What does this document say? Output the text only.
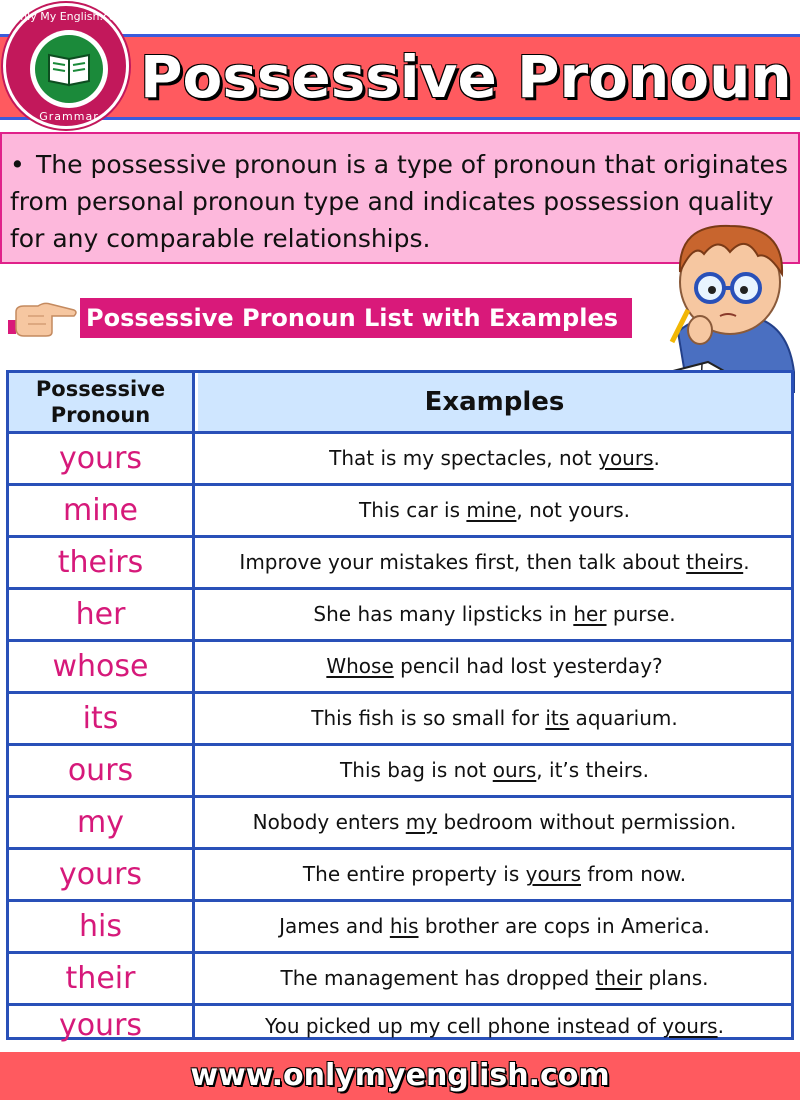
Possessive Pronoun
Only My English.com
Grammar
• The possessive pronoun is a type of pronoun that originates from personal pronoun type and indicates possession quality for any comparable relationships.
Possessive Pronoun List with Examples
Possessive Pronoun	Examples
yours	That is my spectacles, not yours.
mine	This car is mine, not yours.
theirs	Improve your mistakes first, then talk about theirs.
her	She has many lipsticks in her purse.
whose	Whose pencil had lost yesterday?
its	This fish is so small for its aquarium.
ours	This bag is not ours, it’s theirs.
my	Nobody enters my bedroom without permission.
yours	The entire property is yours from now.
his	James and his brother are cops in America.
their	The management has dropped their plans.
yours	You picked up my cell phone instead of yours.
www.onlymyenglish.com
